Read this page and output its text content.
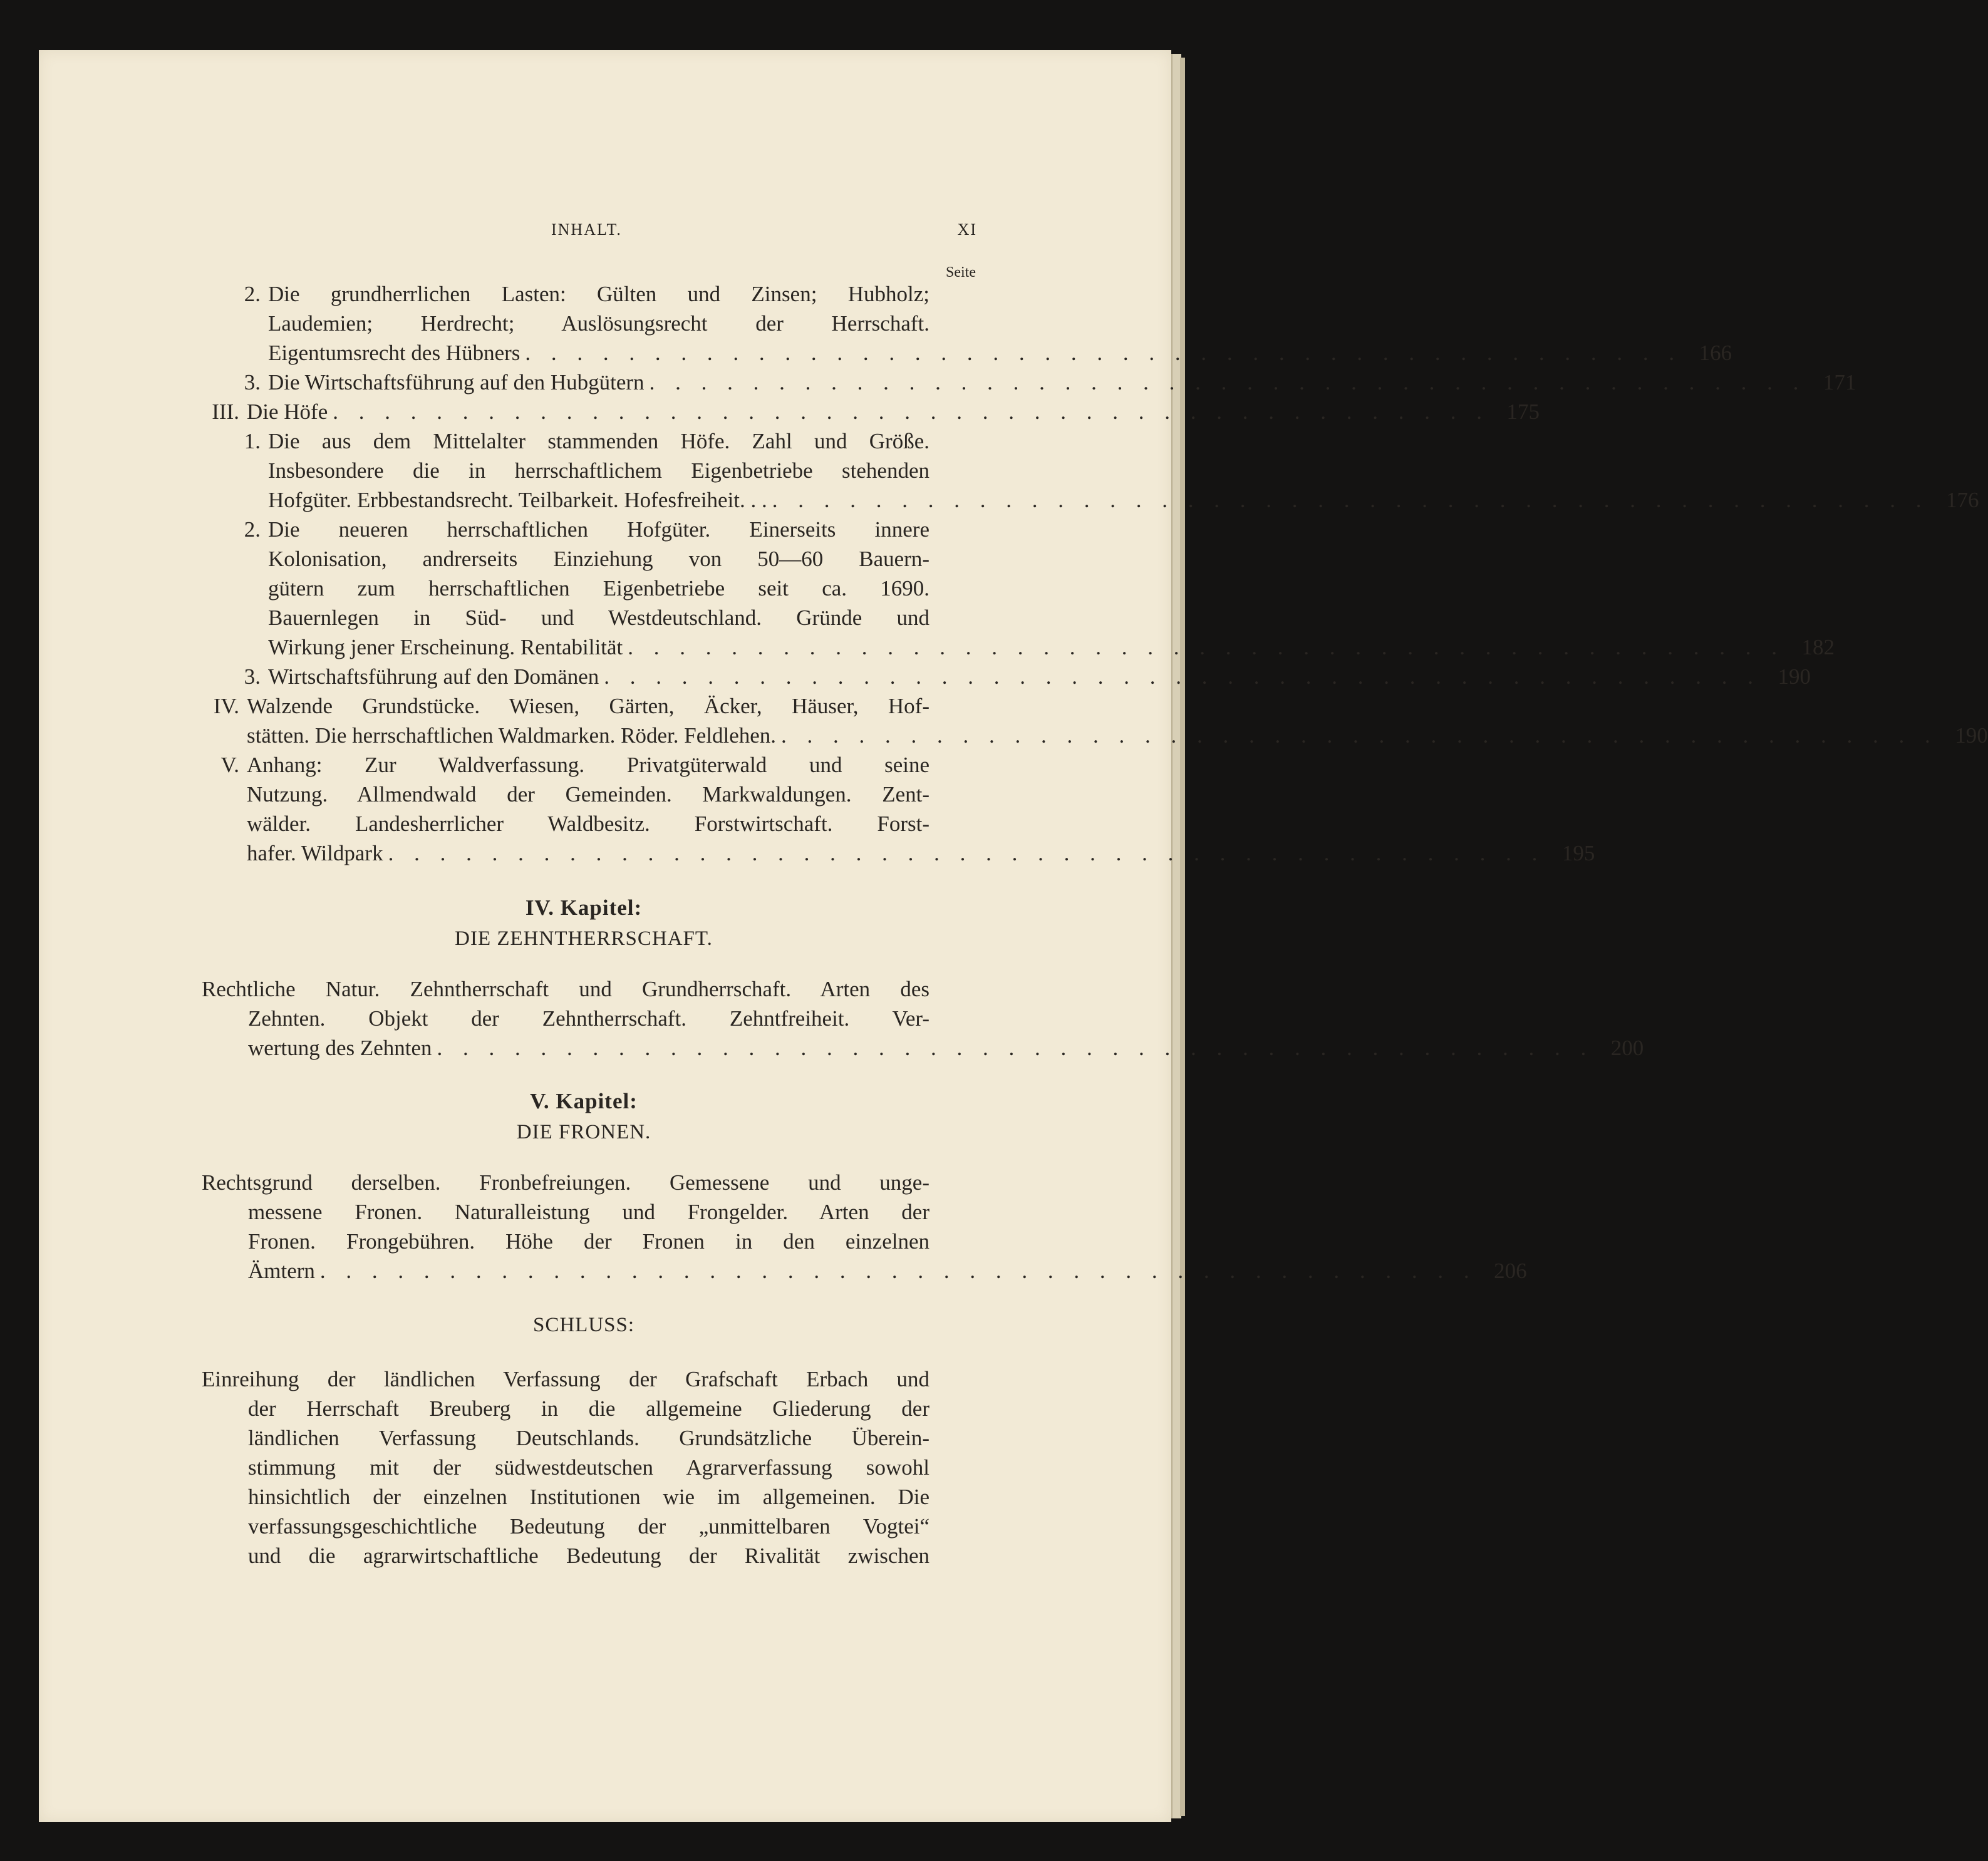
INHALT.	XI
Seite
2. Die grundherrlichen Lasten: Gülten und Zinsen; Hubholz;
Laudemien; Herdrecht; Auslösungsrecht der Herrschaft.
Eigentumsrecht des Hübners . . . . . . . . . . . . . . . . . . . . . . . . . . . . . . . . . . . . . . . . . . . . . 166
3. Die Wirtschaftsführung auf den Hubgütern . . . . . . . . . . . . . . . . . . . . . . . . . . . . . . . . . . . . . . . . . . . . . 171
III. Die Höfe . . . . . . . . . . . . . . . . . . . . . . . . . . . . . . . . . . . . . . . . . . . . . 175
1. Die aus dem Mittelalter stammenden Höfe. Zahl und Größe.
Insbesondere die in herrschaftlichem Eigenbetriebe stehenden
Hofgüter. Erbbestandsrecht. Teilbarkeit. Hofesfreiheit. . . . . . . . . . . . . . . . . . . . . . . . . . . . . . . . . . . . . . . . . . . . . . . . 176
2. Die neueren herrschaftlichen Hofgüter. Einerseits innere
Kolonisation, andrerseits Einziehung von 50—60 Bauern-
gütern zum herrschaftlichen Eigenbetriebe seit ca. 1690.
Bauernlegen in Süd- und Westdeutschland. Gründe und
Wirkung jener Erscheinung. Rentabilität . . . . . . . . . . . . . . . . . . . . . . . . . . . . . . . . . . . . . . . . . . . . . 182
3. Wirtschaftsführung auf den Domänen . . . . . . . . . . . . . . . . . . . . . . . . . . . . . . . . . . . . . . . . . . . . . 190
IV. Walzende Grundstücke. Wiesen, Gärten, Äcker, Häuser, Hof-
stätten. Die herrschaftlichen Waldmarken. Röder. Feldlehen. . . . . . . . . . . . . . . . . . . . . . . . . . . . . . . . . . . . . . . . . . . . . . 190
V. Anhang: Zur Waldverfassung. Privatgüterwald und seine
Nutzung. Allmendwald der Gemeinden. Markwaldungen. Zent-
wälder. Landesherrlicher Waldbesitz. Forstwirtschaft. Forst-
hafer. Wildpark . . . . . . . . . . . . . . . . . . . . . . . . . . . . . . . . . . . . . . . . . . . . . 195
IV. Kapitel:
DIE ZEHNTHERRSCHAFT.
Rechtliche Natur. Zehntherrschaft und Grundherrschaft. Arten des
Zehnten. Objekt der Zehntherrschaft. Zehntfreiheit. Ver-
wertung des Zehnten . . . . . . . . . . . . . . . . . . . . . . . . . . . . . . . . . . . . . . . . . . . . . 200
V. Kapitel:
DIE FRONEN.
Rechtsgrund derselben. Fronbefreiungen. Gemessene und unge-
messene Fronen. Naturalleistung und Frongelder. Arten der
Fronen. Frongebühren. Höhe der Fronen in den einzelnen
Ämtern . . . . . . . . . . . . . . . . . . . . . . . . . . . . . . . . . . . . . . . . . . . . . 206
SCHLUSS:
Einreihung der ländlichen Verfassung der Grafschaft Erbach und
der Herrschaft Breuberg in die allgemeine Gliederung der
ländlichen Verfassung Deutschlands. Grundsätzliche Überein-
stimmung mit der südwestdeutschen Agrarverfassung sowohl
hinsichtlich der einzelnen Institutionen wie im allgemeinen. Die
verfassungsgeschichtliche Bedeutung der „unmittelbaren Vogtei“
und die agrarwirtschaftliche Bedeutung der Rivalität zwischen
